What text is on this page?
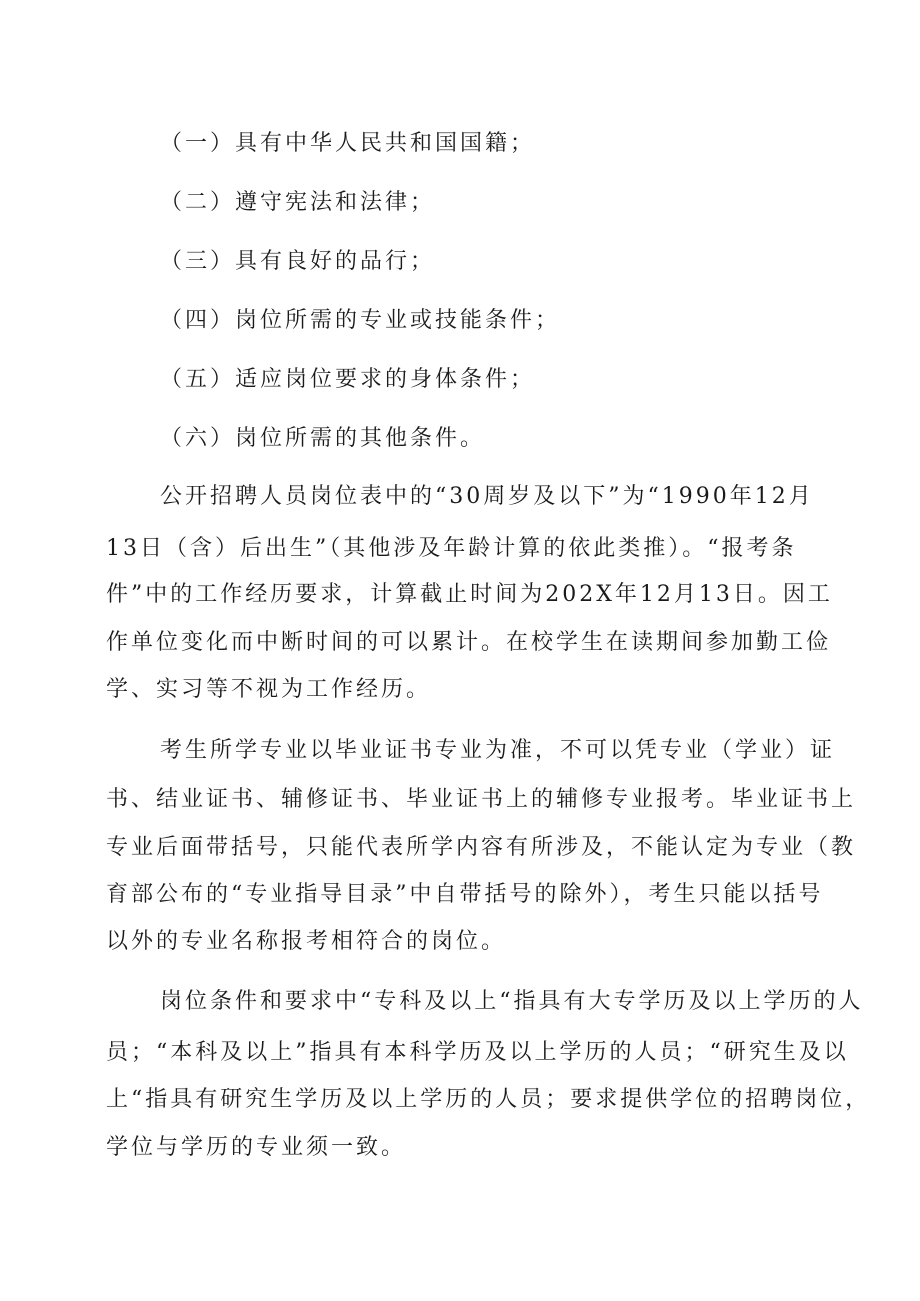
（一）具有中华人民共和国国籍；
（二）遵守宪法和法律；
（三）具有良好的品行；
（四）岗位所需的专业或技能条件；
（五）适应岗位要求的身体条件；
（六）岗位所需的其他条件。
公开招聘人员岗位表中的“30周岁及以下”为“1990年12月
13日（含）后出生”（其他涉及年龄计算的依此类推）。“报考条
件”中的工作经历要求，计算截止时间为202X年12月13日。因工
作单位变化而中断时间的可以累计。在校学生在读期间参加勤工俭
学、实习等不视为工作经历。
考生所学专业以毕业证书专业为准，不可以凭专业（学业）证
书、结业证书、辅修证书、毕业证书上的辅修专业报考。毕业证书上
专业后面带括号，只能代表所学内容有所涉及，不能认定为专业（教
育部公布的“专业指导目录”中自带括号的除外），考生只能以括号
以外的专业名称报考相符合的岗位。
岗位条件和要求中“专科及以上“指具有大专学历及以上学历的人
员；“本科及以上”指具有本科学历及以上学历的人员；“研究生及以
上“指具有研究生学历及以上学历的人员；要求提供学位的招聘岗位，
学位与学历的专业须一致。
